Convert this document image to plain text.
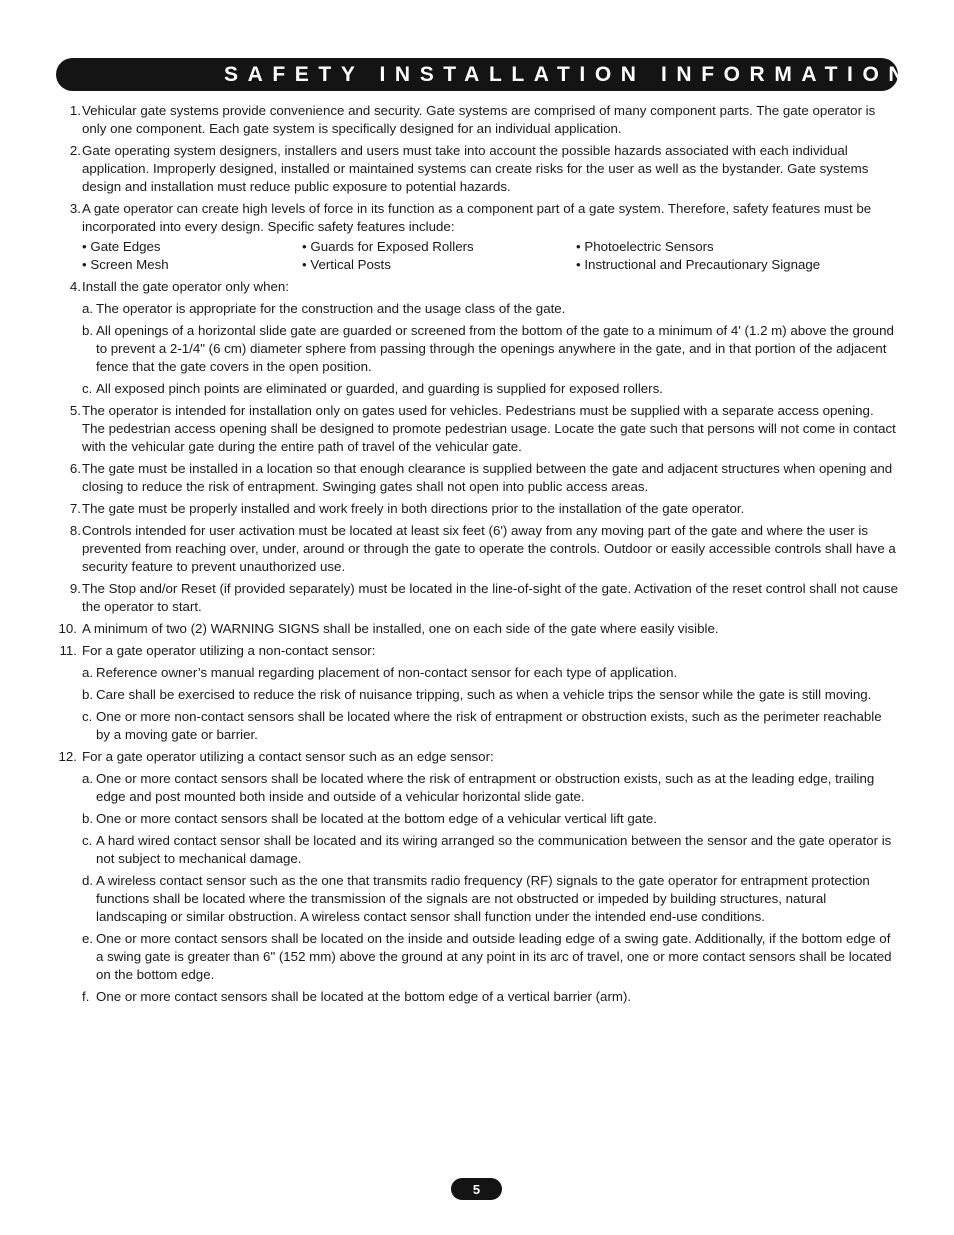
SAFETY INSTALLATION INFORMATION
1. Vehicular gate systems provide convenience and security. Gate systems are comprised of many component parts. The gate operator is only one component. Each gate system is specifically designed for an individual application.
2. Gate operating system designers, installers and users must take into account the possible hazards associated with each individual application. Improperly designed, installed or maintained systems can create risks for the user as well as the bystander. Gate systems design and installation must reduce public exposure to potential hazards.
3. A gate operator can create high levels of force in its function as a component part of a gate system. Therefore, safety features must be incorporated into every design. Specific safety features include:
• Gate Edges	• Guards for Exposed Rollers	• Photoelectric Sensors
• Screen Mesh	• Vertical Posts	• Instructional and Precautionary Signage
4. Install the gate operator only when:
a. The operator is appropriate for the construction and the usage class of the gate.
b. All openings of a horizontal slide gate are guarded or screened from the bottom of the gate to a minimum of 4' (1.2 m) above the ground to prevent a 2-1/4" (6 cm) diameter sphere from passing through the openings anywhere in the gate, and in that portion of the adjacent fence that the gate covers in the open position.
c. All exposed pinch points are eliminated or guarded, and guarding is supplied for exposed rollers.
5. The operator is intended for installation only on gates used for vehicles. Pedestrians must be supplied with a separate access opening. The pedestrian access opening shall be designed to promote pedestrian usage. Locate the gate such that persons will not come in contact with the vehicular gate during the entire path of travel of the vehicular gate.
6. The gate must be installed in a location so that enough clearance is supplied between the gate and adjacent structures when opening and closing to reduce the risk of entrapment. Swinging gates shall not open into public access areas.
7. The gate must be properly installed and work freely in both directions prior to the installation of the gate operator.
8. Controls intended for user activation must be located at least six feet (6') away from any moving part of the gate and where the user is prevented from reaching over, under, around or through the gate to operate the controls. Outdoor or easily accessible controls shall have a security feature to prevent unauthorized use.
9. The Stop and/or Reset (if provided separately) must be located in the line-of-sight of the gate. Activation of the reset control shall not cause the operator to start.
10. A minimum of two (2) WARNING SIGNS shall be installed, one on each side of the gate where easily visible.
11. For a gate operator utilizing a non-contact sensor:
a. Reference owner’s manual regarding placement of non-contact sensor for each type of application.
b. Care shall be exercised to reduce the risk of nuisance tripping, such as when a vehicle trips the sensor while the gate is still moving.
c. One or more non-contact sensors shall be located where the risk of entrapment or obstruction exists, such as the perimeter reachable by a moving gate or barrier.
12. For a gate operator utilizing a contact sensor such as an edge sensor:
a. One or more contact sensors shall be located where the risk of entrapment or obstruction exists, such as at the leading edge, trailing edge and post mounted both inside and outside of a vehicular horizontal slide gate.
b. One or more contact sensors shall be located at the bottom edge of a vehicular vertical lift gate.
c. A hard wired contact sensor shall be located and its wiring arranged so the communication between the sensor and the gate operator is not subject to mechanical damage.
d. A wireless contact sensor such as the one that transmits radio frequency (RF) signals to the gate operator for entrapment protection functions shall be located where the transmission of the signals are not obstructed or impeded by building structures, natural landscaping or similar obstruction. A wireless contact sensor shall function under the intended end-use conditions.
e. One or more contact sensors shall be located on the inside and outside leading edge of a swing gate. Additionally, if the bottom edge of a swing gate is greater than 6" (152 mm) above the ground at any point in its arc of travel, one or more contact sensors shall be located on the bottom edge.
f. One or more contact sensors shall be located at the bottom edge of a vertical barrier (arm).
5
